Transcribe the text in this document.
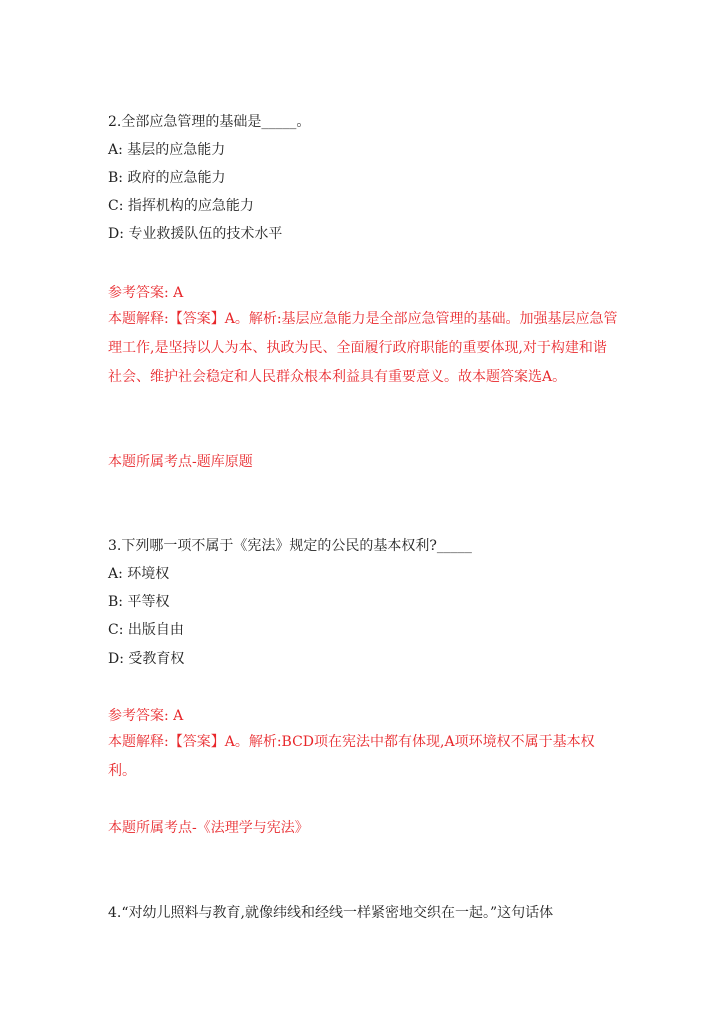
2.全部应急管理的基础是_____。
A: 基层的应急能力
B: 政府的应急能力
C: 指挥机构的应急能力
D: 专业救援队伍的技术水平
参考答案: A
本题解释:【答案】A。解析:基层应急能力是全部应急管理的基础。加强基层应急管理工作,是坚持以人为本、执政为民、全面履行政府职能的重要体现,对于构建和谐社会、维护社会稳定和人民群众根本利益具有重要意义。故本题答案选A。
本题所属考点-题库原题
3.下列哪一项不属于《宪法》规定的公民的基本权利?_____
A: 环境权
B: 平等权
C: 出版自由
D: 受教育权
参考答案: A
本题解释:【答案】A。解析:BCD项在宪法中都有体现,A项环境权不属于基本权利。
本题所属考点-《法理学与宪法》
4.“对幼儿照料与教育,就像纬线和经线一样紧密地交织在一起。”这句话体
